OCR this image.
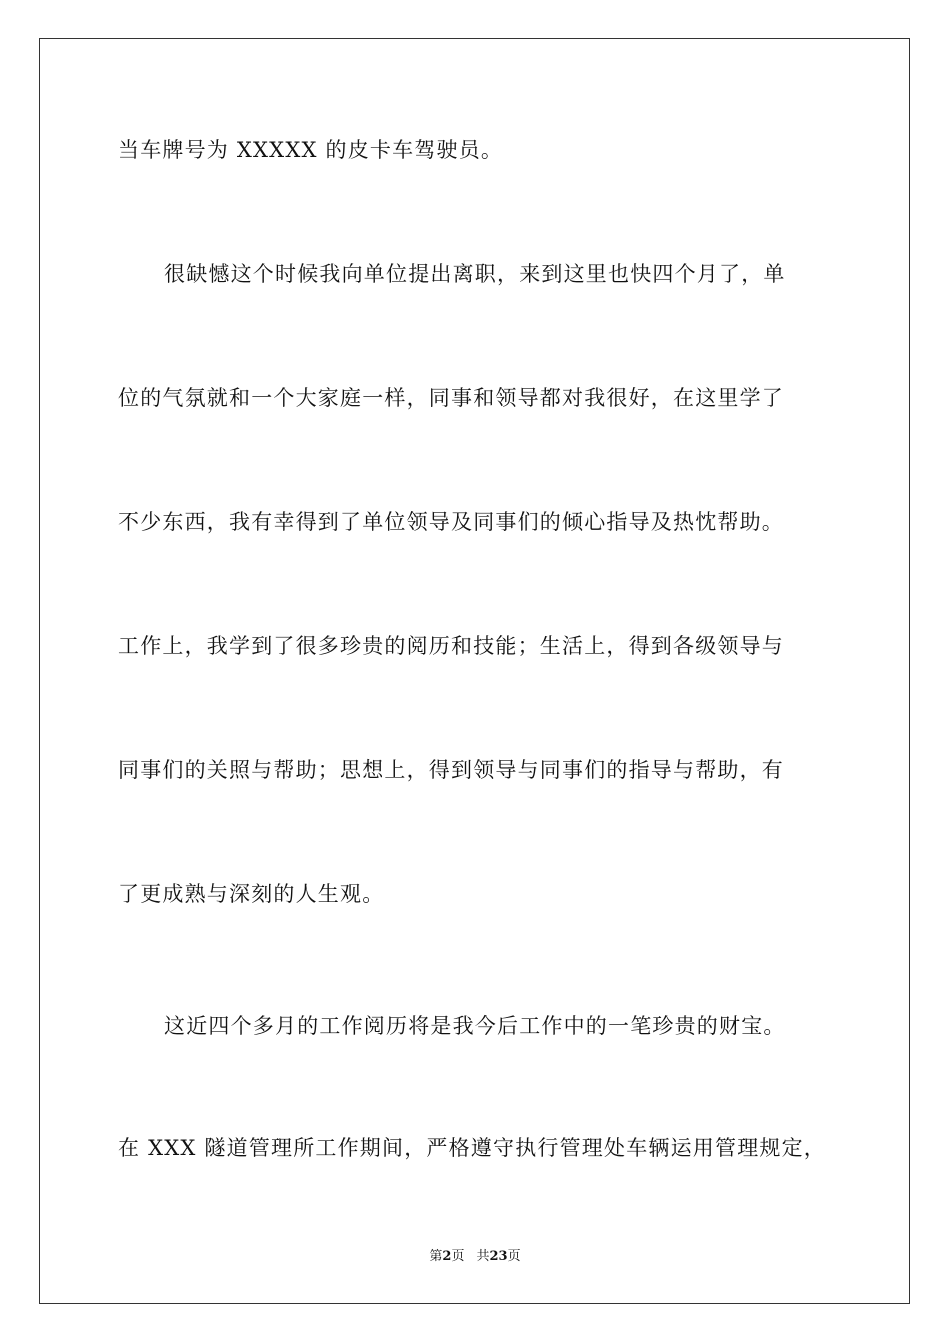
当车牌号为 XXXXX 的皮卡车驾驶员。
很缺憾这个时候我向单位提出离职，来到这里也快四个月了，单
位的气氛就和一个大家庭一样，同事和领导都对我很好，在这里学了
不少东西，我有幸得到了单位领导及同事们的倾心指导及热忱帮助。
工作上，我学到了很多珍贵的阅历和技能；生活上，得到各级领导与
同事们的关照与帮助；思想上，得到领导与同事们的指导与帮助，有
了更成熟与深刻的人生观。
这近四个多月的工作阅历将是我今后工作中的一笔珍贵的财宝。
在 XXX 隧道管理所工作期间，严格遵守执行管理处车辆运用管理规定，
第2页 共23页
